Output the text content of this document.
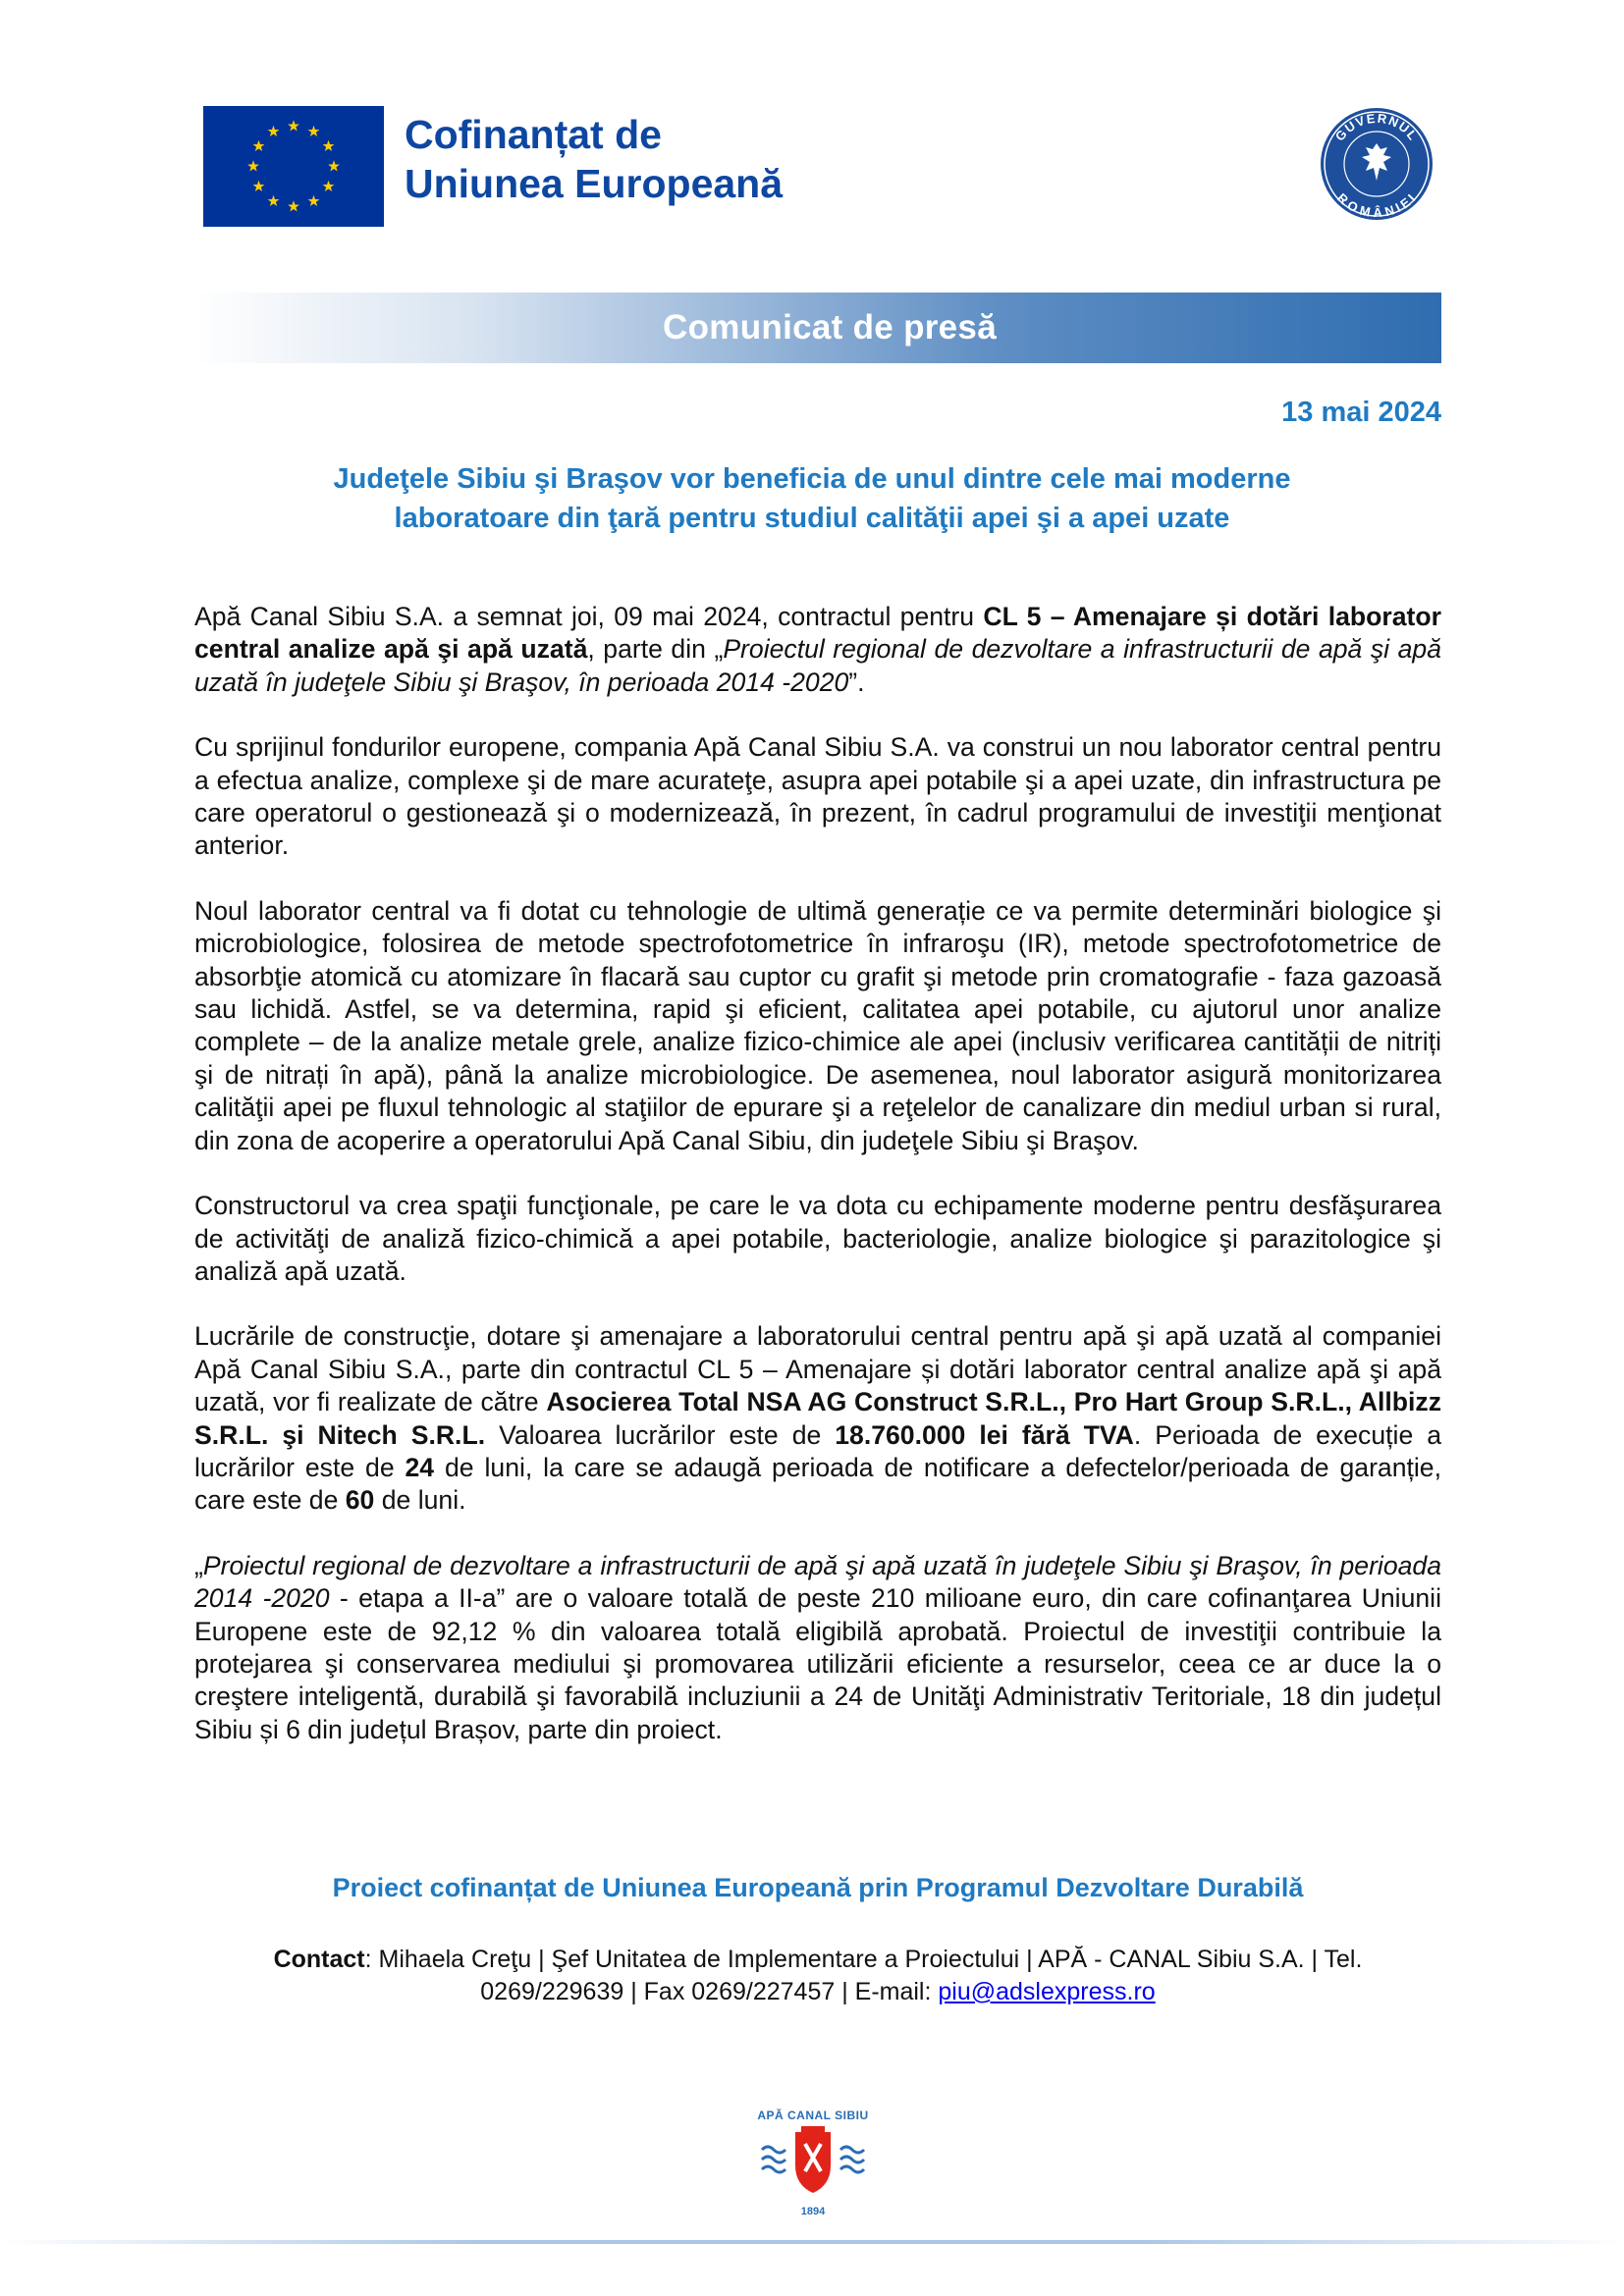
Cofinanțat de
Uniunea Europeană
GUVERNUL
ROMÂNIEI
Comunicat de presă
13 mai 2024
Judeţele Sibiu şi Braşov vor beneficia de unul dintre cele mai moderne
laboratoare din ţară pentru studiul calităţii apei şi a apei uzate

Apă Canal Sibiu S.A. a semnat joi, 09 mai 2024, contractul pentru CL 5 – Amenajare și dotări laborator central analize apă şi apă uzată, parte din „Proiectul regional de dezvoltare a infrastructurii de apă şi apă uzată în judeţele Sibiu şi Braşov, în perioada 2014 -2020”.

Cu sprijinul fondurilor europene, compania Apă Canal Sibiu S.A. va construi un nou laborator central pentru a efectua analize, complexe şi de mare acurateţe, asupra apei potabile şi a apei uzate, din infrastructura pe care operatorul o gestionează şi o modernizează, în prezent, în cadrul programului de investiţii menţionat anterior.

Noul laborator central va fi dotat cu tehnologie de ultimă generație ce va permite determinări biologice şi microbiologice, folosirea de metode spectrofotometrice în infraroşu (IR), metode spectrofotometrice de absorbţie atomică cu atomizare în flacară sau cuptor cu grafit şi metode prin cromatografie - faza gazoasă sau lichidă. Astfel, se va determina, rapid şi eficient, calitatea apei potabile, cu ajutorul unor analize complete – de la analize metale grele, analize fizico-chimice ale apei (inclusiv verificarea cantității de nitriți şi de nitrați în apă), până la analize microbiologice. De asemenea, noul laborator asigură monitorizarea calităţii apei pe fluxul tehnologic al staţiilor de epurare şi a reţelelor de canalizare din mediul urban si rural, din zona de acoperire a operatorului Apă Canal Sibiu, din judeţele Sibiu şi Braşov.

Constructorul va crea spaţii funcţionale, pe care le va dota cu echipamente moderne pentru desfăşurarea de activităţi de analiză fizico-chimică a apei potabile, bacteriologie, analize biologice şi parazitologice şi analiză apă uzată.

Lucrările de construcţie, dotare şi amenajare a laboratorului central pentru apă şi apă uzată al companiei Apă Canal Sibiu S.A., parte din contractul CL 5 – Amenajare și dotări laborator central analize apă şi apă uzată, vor fi realizate de către Asocierea Total NSA AG Construct S.R.L., Pro Hart Group S.R.L., Allbizz S.R.L. şi Nitech S.R.L. Valoarea lucrărilor este de 18.760.000 lei fără TVA. Perioada de execuție a lucrărilor este de 24 de luni, la care se adaugă perioada de notificare a defectelor/perioada de garanție, care este de 60 de luni.

„Proiectul regional de dezvoltare a infrastructurii de apă şi apă uzată în judeţele Sibiu şi Braşov, în perioada 2014 -2020 - etapa a II-a” are o valoare totală de peste 210 milioane euro, din care cofinanţarea Uniunii Europene este de 92,12 % din valoarea totală eligibilă aprobată. Proiectul de investiţii contribuie la protejarea şi conservarea mediului şi promovarea utilizării eficiente a resurselor, ceea ce ar duce la o creştere inteligentă, durabilă şi favorabilă incluziunii a 24 de Unităţi Administrativ Teritoriale, 18 din județul Sibiu și 6 din județul Brașov, parte din proiect.

Proiect cofinanțat de Uniunea Europeană prin Programul Dezvoltare Durabilă
Contact: Mihaela Creţu | Şef Unitatea de Implementare a Proiectului | APĂ - CANAL Sibiu S.A. | Tel.
0269/229639 | Fax 0269/227457 | E-mail: piu@adslexpress.ro
APĂ CANAL SIBIU
1894
